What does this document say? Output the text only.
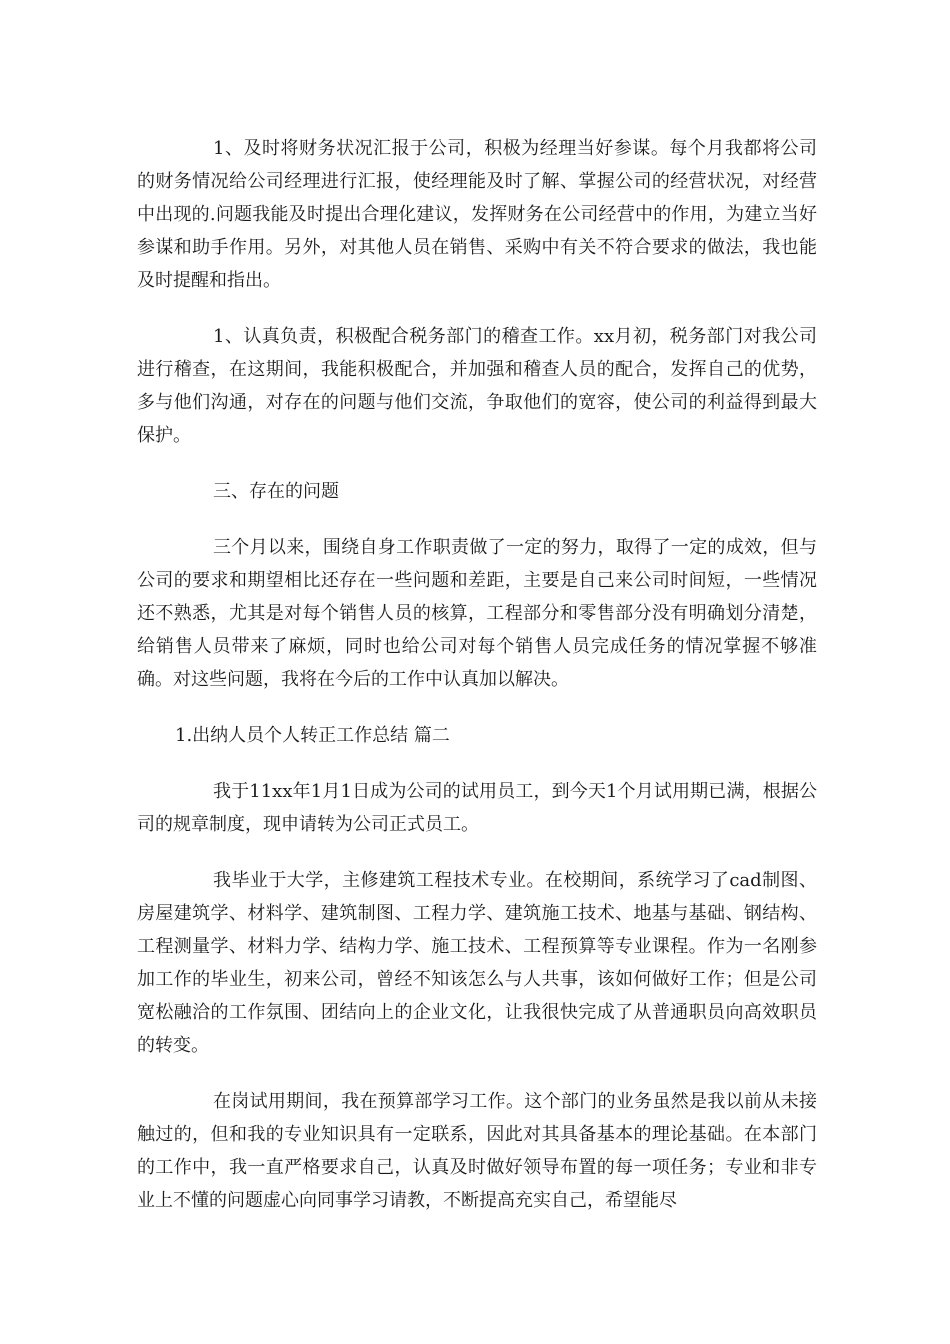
1、及时将财务状况汇报于公司，积极为经理当好参谋。每个月我都将公司的财务情况给公司经理进行汇报，使经理能及时了解、掌握公司的经营状况，对经营中出现的.问题我能及时提出合理化建议，发挥财务在公司经营中的作用，为建立当好参谋和助手作用。另外，对其他人员在销售、采购中有关不符合要求的做法，我也能及时提醒和指出。

1、认真负责，积极配合税务部门的稽查工作。xx月初，税务部门对我公司进行稽查，在这期间，我能积极配合，并加强和稽查人员的配合，发挥自己的优势，多与他们沟通，对存在的问题与他们交流，争取他们的宽容，使公司的利益得到最大保护。

三、存在的问题

三个月以来，围绕自身工作职责做了一定的努力，取得了一定的成效，但与公司的要求和期望相比还存在一些问题和差距，主要是自己来公司时间短，一些情况还不熟悉，尤其是对每个销售人员的核算，工程部分和零售部分没有明确划分清楚，给销售人员带来了麻烦，同时也给公司对每个销售人员完成任务的情况掌握不够准确。对这些问题，我将在今后的工作中认真加以解决。

1.出纳人员个人转正工作总结 篇二

我于11xx年1月1日成为公司的试用员工，到今天1个月试用期已满，根据公司的规章制度，现申请转为公司正式员工。

我毕业于大学，主修建筑工程技术专业。在校期间，系统学习了cad制图、房屋建筑学、材料学、建筑制图、工程力学、建筑施工技术、地基与基础、钢结构、工程测量学、材料力学、结构力学、施工技术、工程预算等专业课程。作为一名刚参加工作的毕业生，初来公司，曾经不知该怎么与人共事，该如何做好工作；但是公司宽松融洽的工作氛围、团结向上的企业文化，让我很快完成了从普通职员向高效职员的转变。

在岗试用期间，我在预算部学习工作。这个部门的业务虽然是我以前从未接触过的，但和我的专业知识具有一定联系，因此对其具备基本的理论基础。在本部门的工作中，我一直严格要求自己，认真及时做好领导布置的每一项任务；专业和非专业上不懂的问题虚心向同事学习请教，不断提高充实自己，希望能尽
